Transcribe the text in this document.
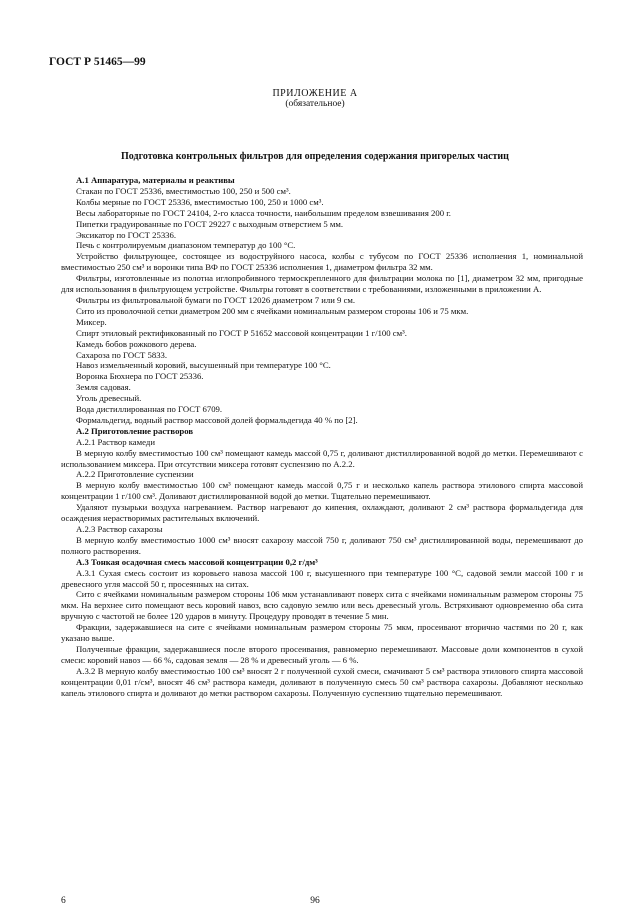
ГОСТ Р 51465—99
ПРИЛОЖЕНИЕ А
(обязательное)
Подготовка контрольных фильтров для определения содержания пригорелых частиц

А.1 Аппаратура, материалы и реактивы

Стакан по ГОСТ 25336, вместимостью 100, 250 и 500 см³.

Колбы мерные по ГОСТ 25336, вместимостью 100, 250 и 1000 см³.

Весы лабораторные по ГОСТ 24104, 2-го класса точности, наибольшим пределом взвешивания 200 г.

Пипетки градуированные по ГОСТ 29227 с выходным отверстием 5 мм.

Эксикатор по ГОСТ 25336.

Печь с контролируемым диапазоном температур до 100 °С.

Устройство фильтрующее, состоящее из водоструйного насоса, колбы с тубусом по ГОСТ 25336 исполнения 1, номинальной вместимостью 250 см³ и воронки типа ВФ по ГОСТ 25336 исполнения 1, диаметром фильтра 32 мм.

Фильтры, изготовленные из полотна иглопробивного термоскрепленного для фильтрации молока по [1], диаметром 32 мм, пригодные для использования в фильтрующем устройстве. Фильтры готовят в соответствии с требованиями, изложенными в приложении А.

Фильтры из фильтровальной бумаги по ГОСТ 12026 диаметром 7 или 9 см.

Сито из проволочной сетки диаметром 200 мм с ячейками номинальным размером стороны 106 и 75 мкм.

Миксер.

Спирт этиловый ректификованный по ГОСТ Р 51652 массовой концентрации 1 г/100 см³.

Камедь бобов рожкового дерева.

Сахароза по ГОСТ 5833.

Навоз измельченный коровий, высушенный при температуре 100 °С.

Воронка Бюхнера по ГОСТ 25336.

Земля садовая.

Уголь древесный.

Вода дистиллированная по ГОСТ 6709.

Формальдегид, водный раствор массовой долей формальдегида 40 % по [2].

А.2 Приготовление растворов

А.2.1 Раствор камеди

В мерную колбу вместимостью 100 см³ помещают камедь массой 0,75 г, доливают дистиллированной водой до метки. Перемешивают с использованием миксера. При отсутствии миксера готовят суспензию по А.2.2.

А.2.2 Приготовление суспензии

В мерную колбу вместимостью 100 см³ помещают камедь массой 0,75 г и несколько капель раствора этилового спирта массовой концентрации 1 г/100 см³. Доливают дистиллированной водой до метки. Тщательно перемешивают.

Удаляют пузырьки воздуха нагреванием. Раствор нагревают до кипения, охлаждают, доливают 2 см³ раствора формальдегида для осаждения нерастворимых растительных включений.

А.2.3 Раствор сахарозы

В мерную колбу вместимостью 1000 см³ вносят сахарозу массой 750 г, доливают 750 см³ дистиллированной воды, перемешивают до полного растворения.

А.3 Тонкая осадочная смесь массовой концентрации 0,2 г/дм³

А.3.1 Сухая смесь состоит из коровьего навоза массой 100 г, высушенного при температуре 100 °С, садовой земли массой 100 г и древесного угля массой 50 г, просеянных на ситах.

Сито с ячейками номинальным размером стороны 106 мкм устанавливают поверх сита с ячейками номинальным размером стороны 75 мкм. На верхнее сито помещают весь коровий навоз, всю садовую землю или весь древесный уголь. Встряхивают одновременно оба сита вручную с частотой не более 120 ударов в минуту. Процедуру проводят в течение 5 мин.

Фракции, задержавшиеся на сите с ячейками номинальным размером стороны 75 мкм, просеивают вторично частями по 20 г, как указано выше.

Полученные фракции, задержавшиеся после второго просеивания, равномерно перемешивают. Массовые доли компонентов в сухой смеси: коровий навоз — 66 %, садовая земля — 28 % и древесный уголь — 6 %.

А.3.2 В мерную колбу вместимостью 100 см³ вносят 2 г полученной сухой смеси, смачивают 5 см³ раствора этилового спирта массовой концентрации 0,01 г/см³, вносят 46 см³ раствора камеди, доливают в полученную смесь 50 см³ раствора сахарозы. Добавляют несколько капель этилового спирта и доливают до метки раствором сахарозы. Полученную суспензию тщательно перемешивают.

6	96
